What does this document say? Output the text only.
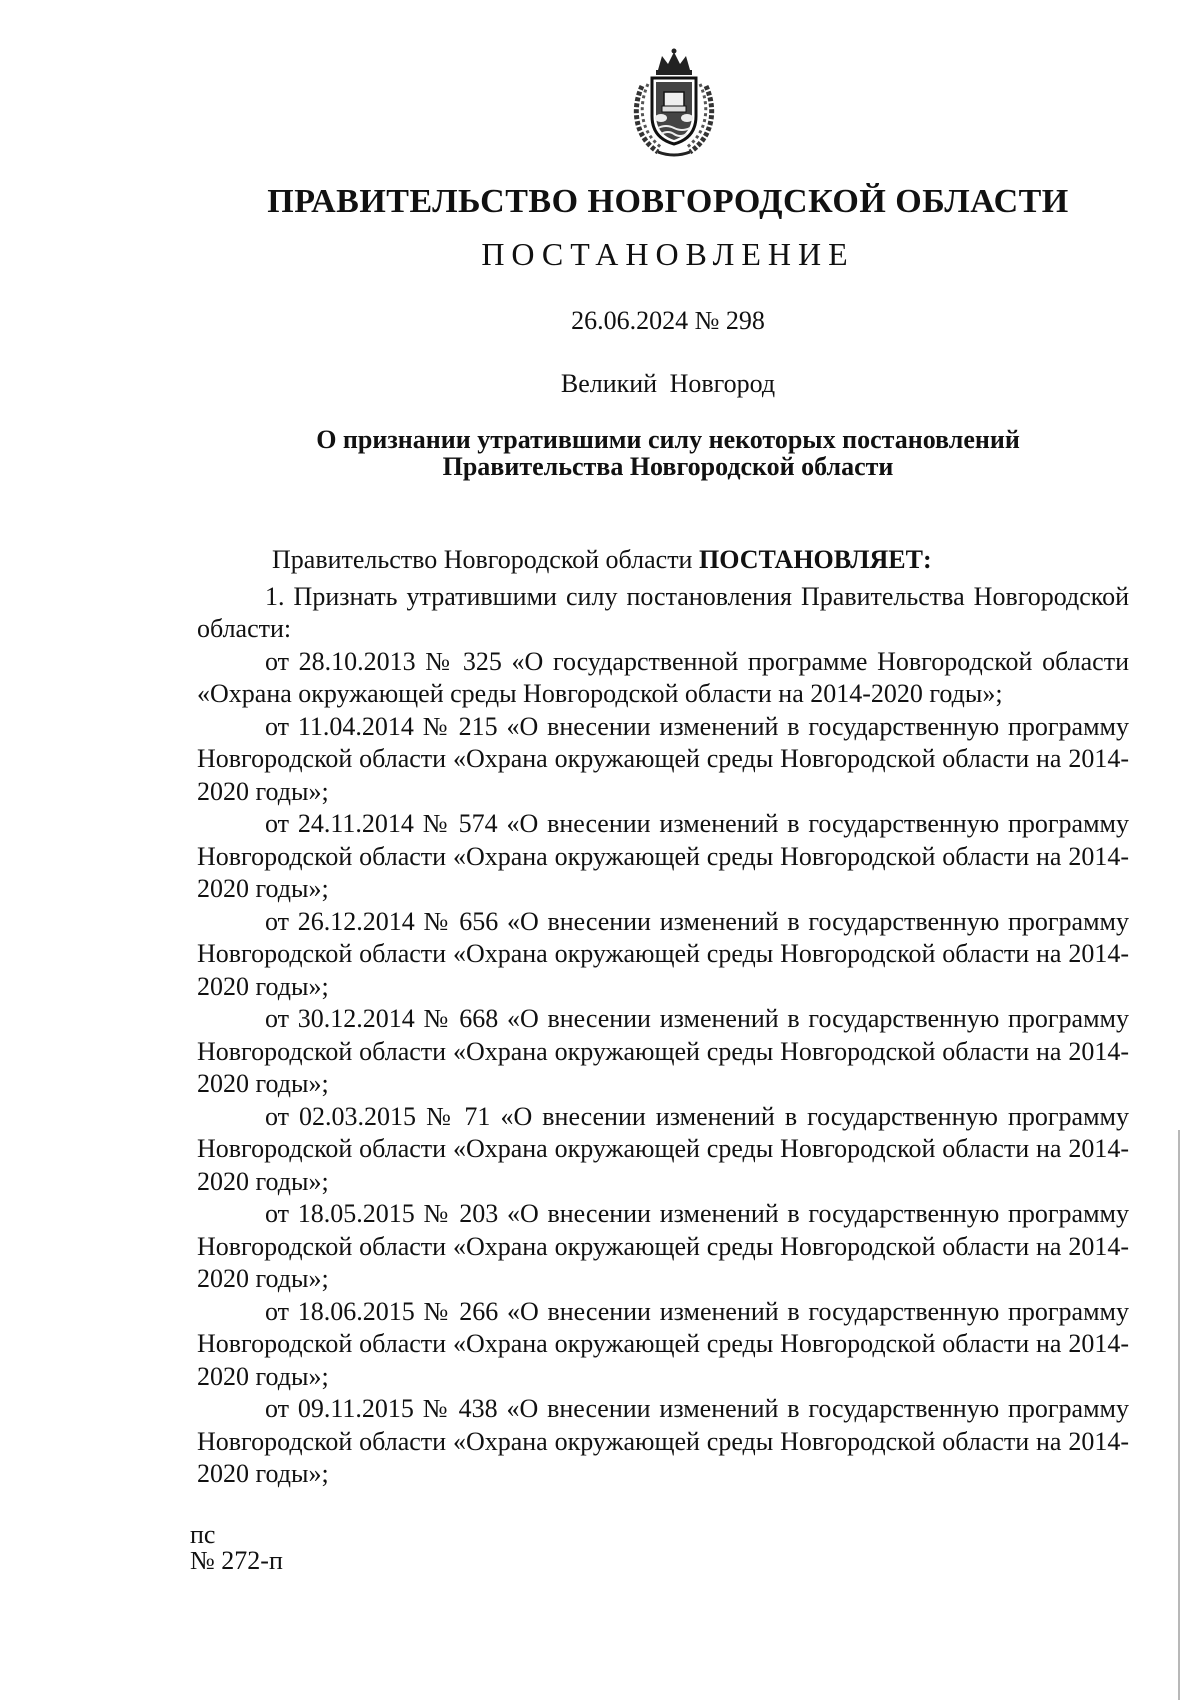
ПРАВИТЕЛЬСТВО НОВГОРОДСКОЙ ОБЛАСТИ
ПОСТАНОВЛЕНИЕ
26.06.2024 № 298
Великий Новгород
О признании утратившими силу некоторых постановлений
Правительства Новгородской области

Правительство Новгородской области ПОСТАНОВЛЯЕТ:

1. Признать утратившими силу постановления Правительства Новгородской области:

от 28.10.2013 № 325 «О государственной программе Новгородской области «Охрана окружающей среды Новгородской области на 2014-2020 годы»;

от 11.04.2014 № 215 «О внесении изменений в государственную программу Новгородской области «Охрана окружающей среды Новгородской области на 2014-2020 годы»;

от 24.11.2014 № 574 «О внесении изменений в государственную программу Новгородской области «Охрана окружающей среды Новгородской области на 2014-2020 годы»;

от 26.12.2014 № 656 «О внесении изменений в государственную программу Новгородской области «Охрана окружающей среды Новгородской области на 2014-2020 годы»;

от 30.12.2014 № 668 «О внесении изменений в государственную программу Новгородской области «Охрана окружающей среды Новгородской области на 2014-2020 годы»;

от 02.03.2015 № 71 «О внесении изменений в государственную программу Новгородской области «Охрана окружающей среды Новгородской области на 2014-2020 годы»;

от 18.05.2015 № 203 «О внесении изменений в государственную программу Новгородской области «Охрана окружающей среды Новгородской области на 2014-2020 годы»;

от 18.06.2015 № 266 «О внесении изменений в государственную программу Новгородской области «Охрана окружающей среды Новгородской области на 2014-2020 годы»;

от 09.11.2015 № 438 «О внесении изменений в государственную программу Новгородской области «Охрана окружающей среды Новгородской области на 2014-2020 годы»;

пс
№ 272-п
